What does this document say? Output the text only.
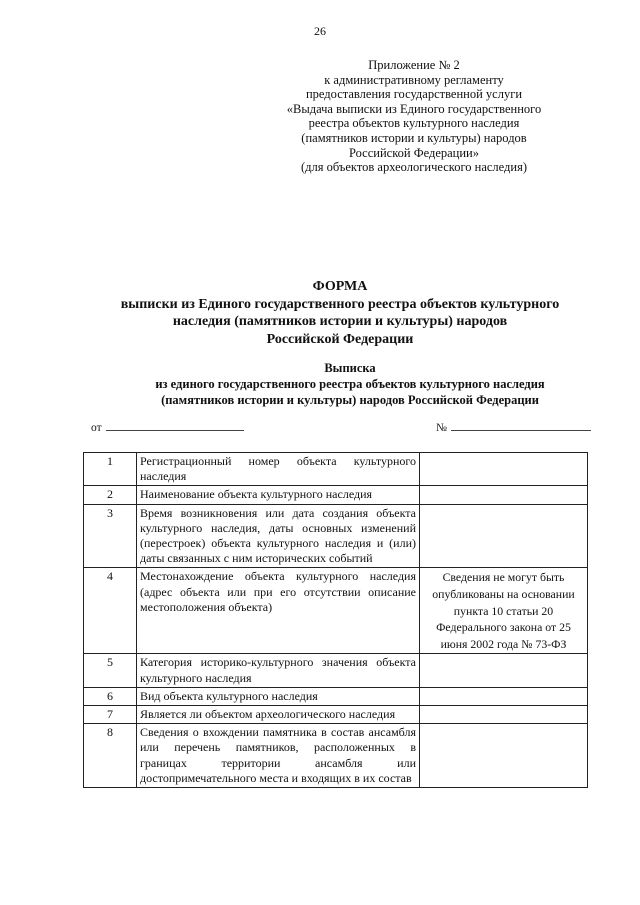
26
Приложение № 2
к административному регламенту
предоставления государственной услуги
«Выдача выписки из Единого государственного
реестра объектов культурного наследия
(памятников истории и культуры) народов
Российской Федерации»
(для объектов археологического наследия)
ФОРМА
выписки из Единого государственного реестра объектов культурного
наследия (памятников истории и культуры) народов
Российской Федерации
Выписка
из единого государственного реестра объектов культурного наследия
(памятников истории и культуры) народов Российской Федерации
от	№
1	Регистрационный номер объекта культурного наследия	
2	Наименование объекта культурного наследия	
3	Время возникновения или дата создания объекта культурного наследия, даты основных изменений (перестроек) объекта культурного наследия и (или) даты связанных с ним исторических событий	
4	Местонахождение объекта культурного наследия (адрес объекта или при его отсутствии описание местоположения объекта)	Сведения не могут быть опубликованы на основании пункта 10 статьи 20 Федерального закона от 25 июня 2002 года № 73-ФЗ
5	Категория историко-культурного значения объекта культурного наследия	
6	Вид объекта культурного наследия	
7	Является ли объектом археологического наследия	
8	Сведения о вхождении памятника в состав ансамбля или перечень памятников, расположенных в границах территории ансамбля или достопримечательного места и входящих в их состав	
